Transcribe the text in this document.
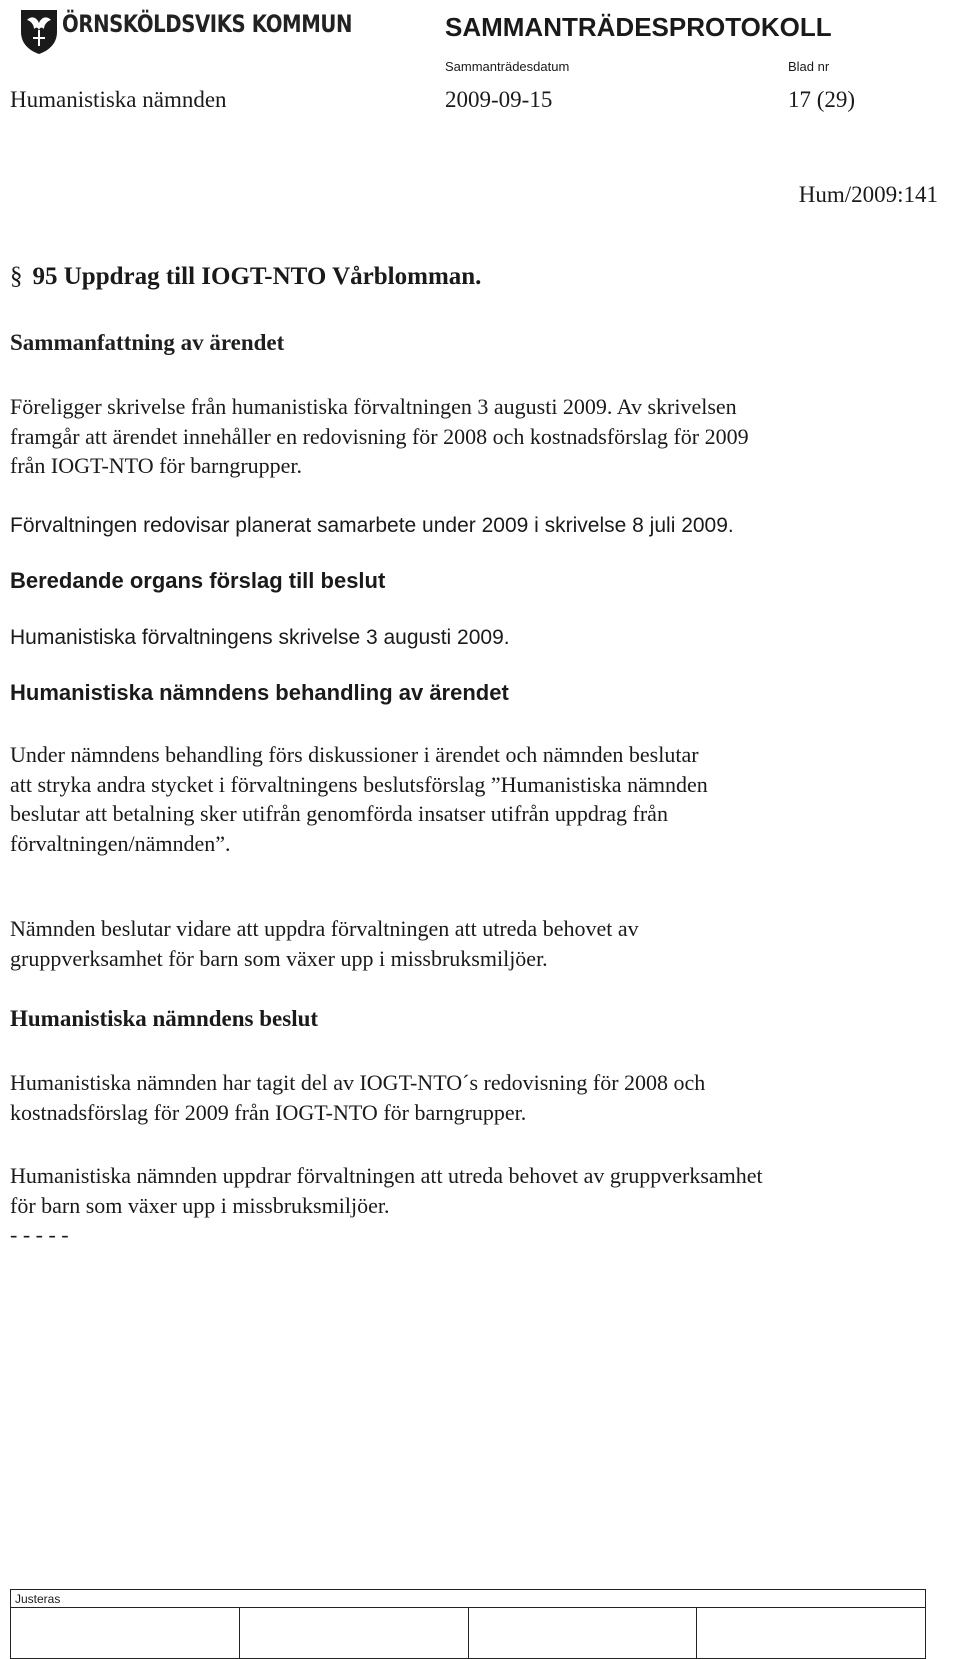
ÖRNSKÖLDSVIKS KOMMUN	SAMMANTRÄDESPROTOKOLL
Sammanträdesdatum	Blad nr
Humanistiska nämnden	2009-09-15	17 (29)
Hum/2009:141
§ 95 Uppdrag till IOGT-NTO Vårblomman.
Sammanfattning av ärendet
Föreligger skrivelse från humanistiska förvaltningen 3 augusti 2009. Av skrivelsen
framgår att ärendet innehåller en redovisning för 2008 och kostnadsförslag för 2009
från IOGT-NTO för barngrupper.
Förvaltningen redovisar planerat samarbete under 2009 i skrivelse 8 juli 2009.
Beredande organs förslag till beslut
Humanistiska förvaltningens skrivelse 3 augusti 2009.
Humanistiska nämndens behandling av ärendet
Under nämndens behandling förs diskussioner i ärendet och nämnden beslutar
att stryka andra stycket i förvaltningens beslutsförslag ”Humanistiska nämnden
beslutar att betalning sker utifrån genomförda insatser utifrån uppdrag från
förvaltningen/nämnden”.
Nämnden beslutar vidare att uppdra förvaltningen att utreda behovet av
gruppverksamhet för barn som växer upp i missbruksmiljöer.
Humanistiska nämndens beslut
Humanistiska nämnden har tagit del av IOGT-NTO´s redovisning för 2008 och
kostnadsförslag för 2009 från IOGT-NTO för barngrupper.
Humanistiska nämnden uppdrar förvaltningen att utreda behovet av gruppverksamhet
för barn som växer upp i missbruksmiljöer.
- - - - -
Justeras
